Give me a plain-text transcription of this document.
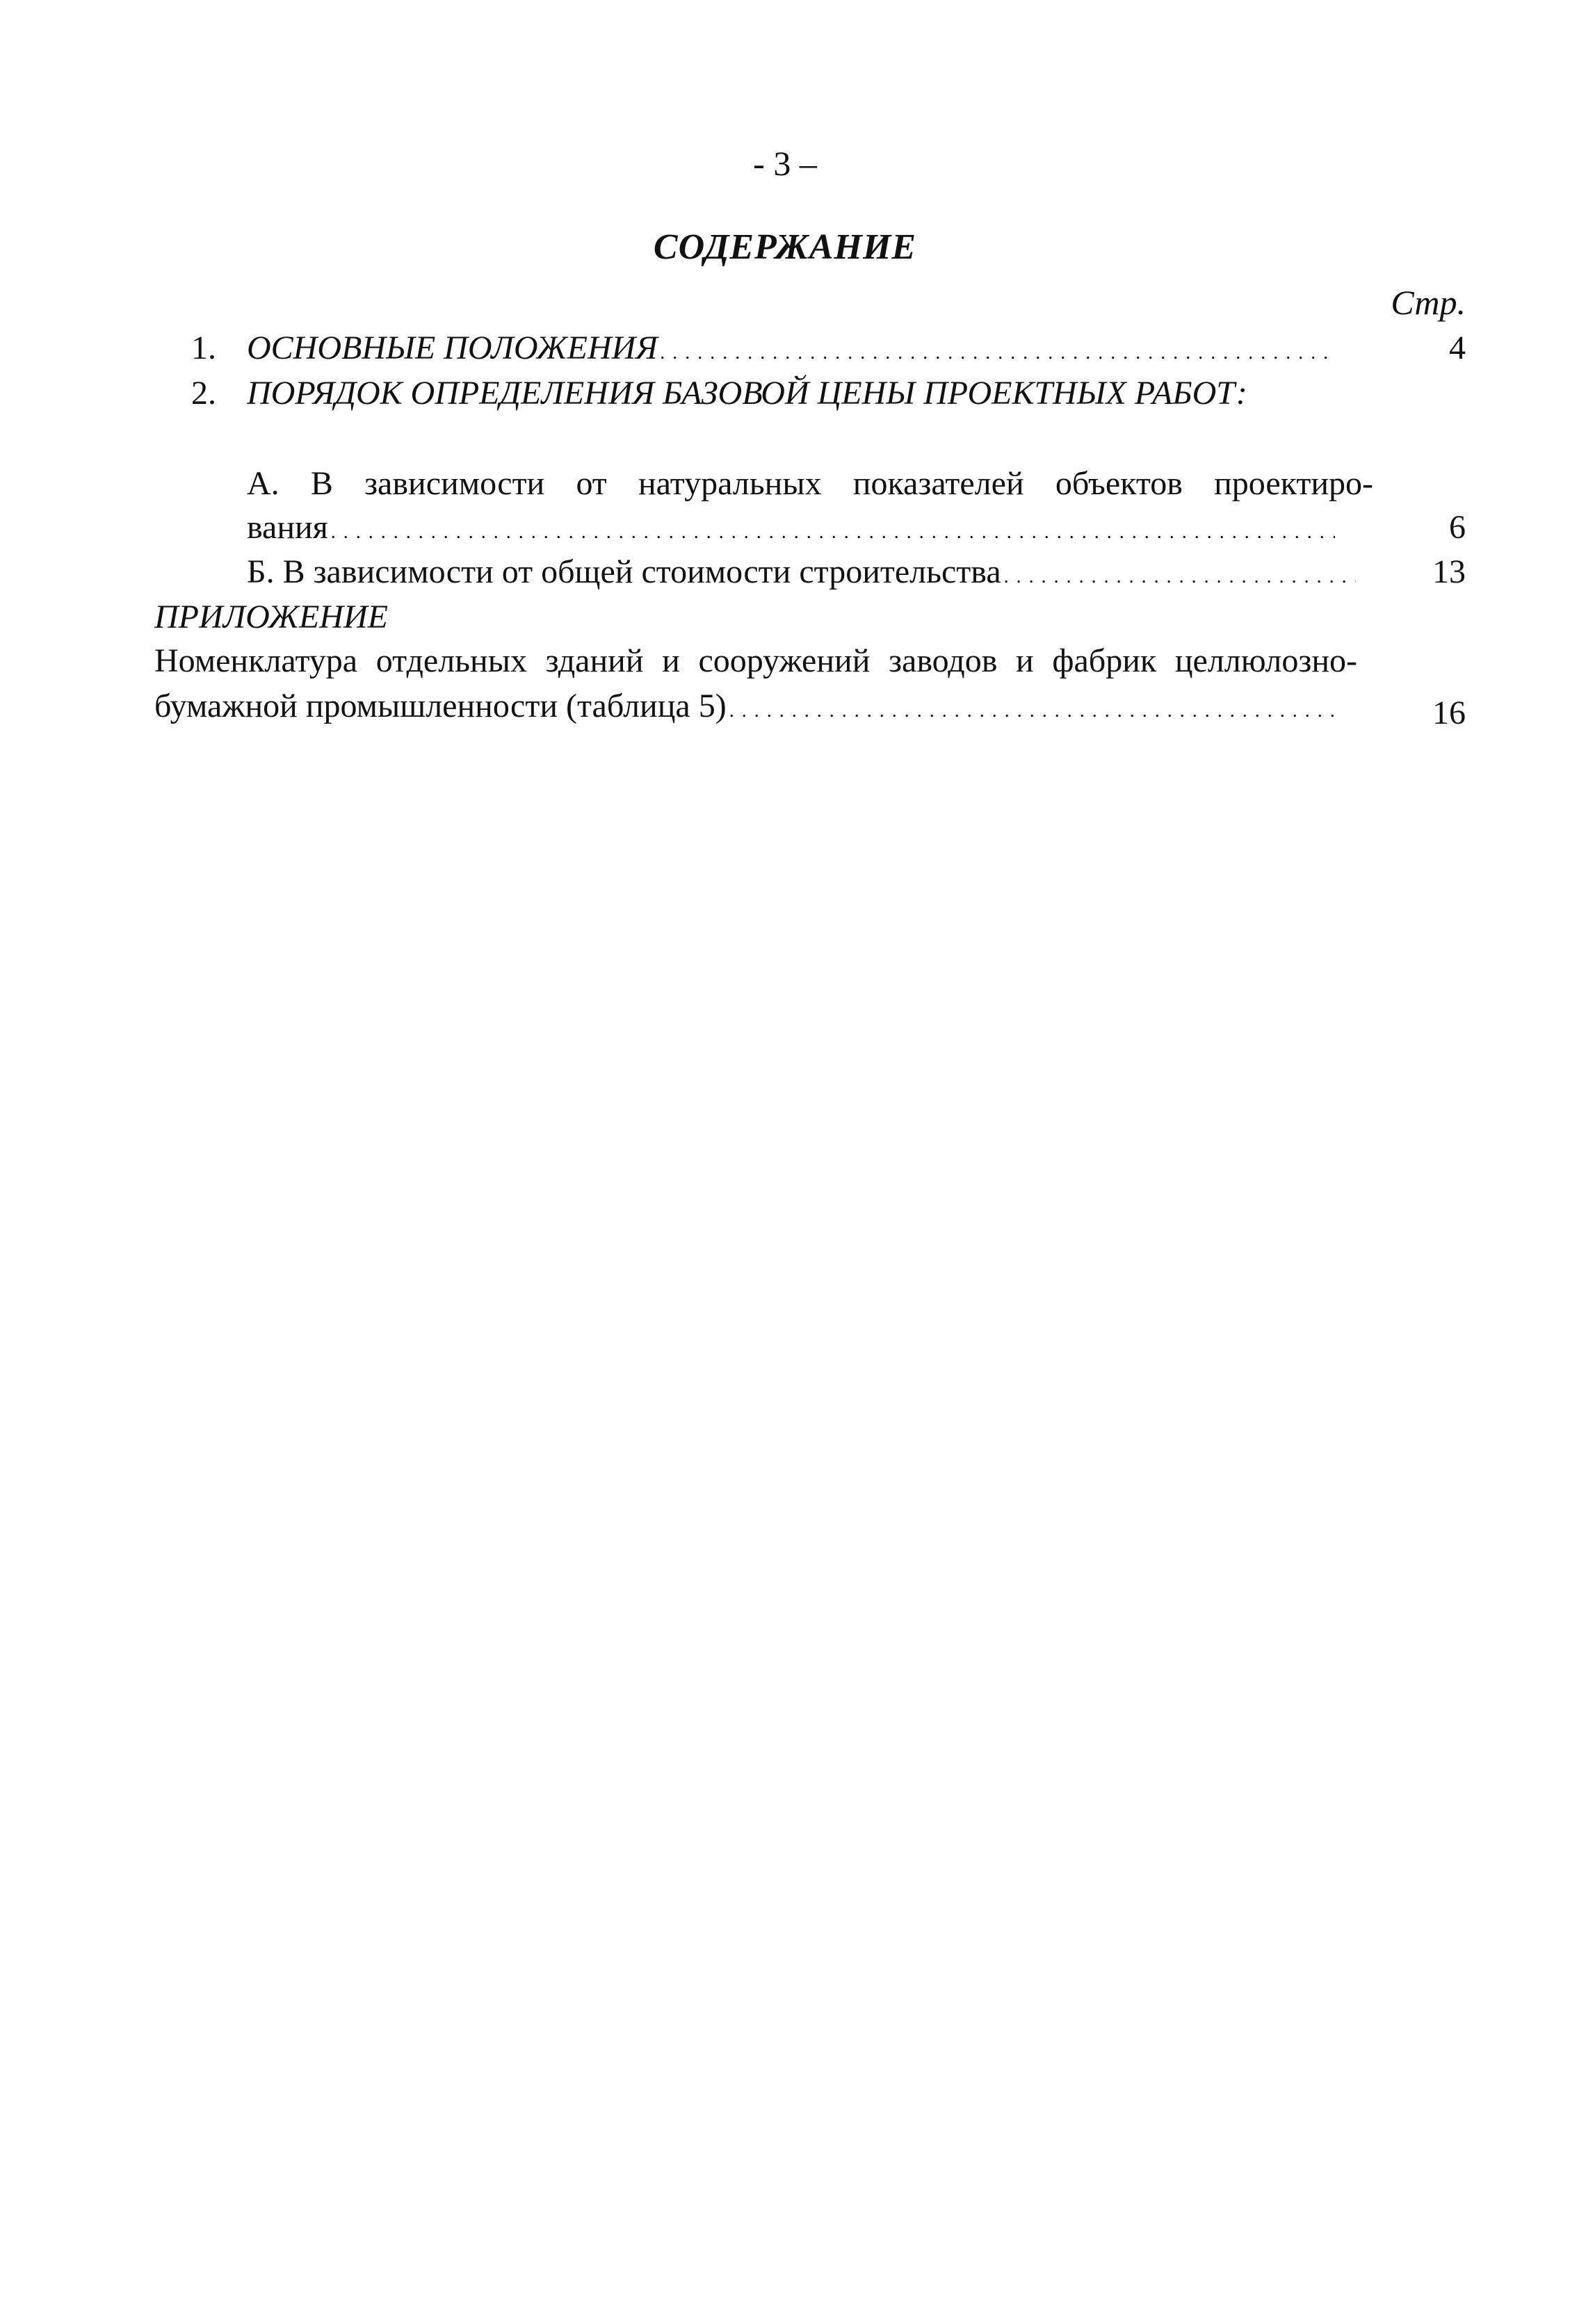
- 3 –
СОДЕРЖАНИЕ
Стр.
1. ОСНОВНЫЕ ПОЛОЖЕНИЯ . . .	4
2. ПОРЯДОК ОПРЕДЕЛЕНИЯ БАЗОВОЙ ЦЕНЫ ПРОЕКТНЫХ РАБОТ:
А. В зависимости от натуральных показателей объектов проектиро-
вания . . .	6
Б. В зависимости от общей стоимости строительства . . .	13
ПРИЛОЖЕНИЕ
Номенклатура отдельных зданий и сооружений заводов и фабрик целлюлозно-
бумажной промышленности (таблица 5) . . .	16
